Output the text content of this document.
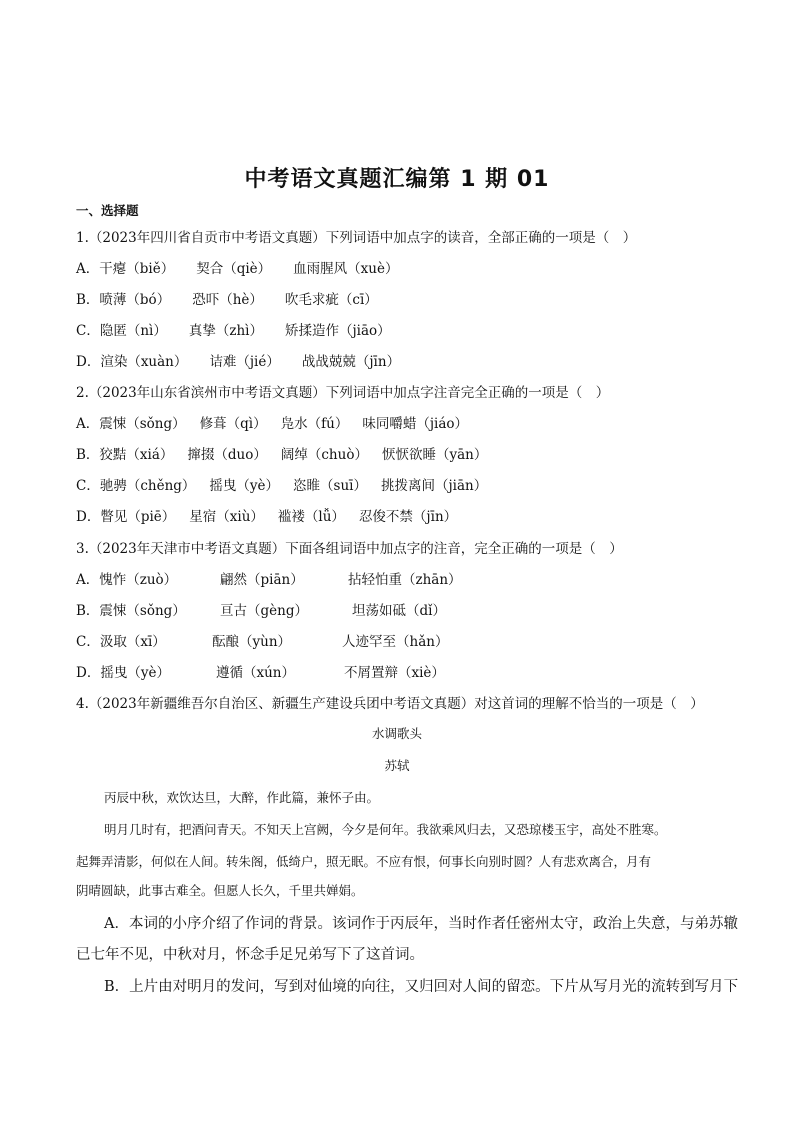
中考语文真题汇编第 1 期 01
一、选择题
1.（2023年四川省自贡市中考语文真题）下列词语中加点字的读音，全部正确的一项是（　）
A．干瘪（biě） 契合（qiè） 血雨腥风（xuè）
B．喷薄（bó） 恐吓（hè） 吹毛求疵（cī）
C．隐匿（nì） 真挚（zhì） 矫揉造作（jiāo）
D．渲染（xuàn） 诘难（jié） 战战兢兢（jīn）
2.（2023年山东省滨州市中考语文真题）下列词语中加点字注音完全正确的一项是（　）
A．震悚（sǒng） 修葺（qì） 凫水（fú） 味同嚼蜡（jiáo）
B．狡黠（xiá） 撺掇（duo） 阔绰（chuò） 恹恹欲睡（yān）
C．驰骋（chěng） 摇曳（yè） 恣睢（suī） 挑拨离间（jiān）
D．瞥见（piē） 星宿（xiù） 褴褛（lǚ） 忍俊不禁（jīn）
3.（2023年天津市中考语文真题）下面各组词语中加点字的注音，完全正确的一项是（　）
A．愧怍（zuò）	翩然（piān）	拈轻怕重（zhān）
B．震悚（sǒng）	亘古（gèng）	坦荡如砥（dǐ）
C．汲取（xī）	酝酿（yùn）	人迹罕至（hǎn）
D．摇曳（yè）	遵循（xún）	不屑置辩（xiè）
4.（2023年新疆维吾尔自治区、新疆生产建设兵团中考语文真题）对这首词的理解不恰当的一项是（　）
水调歌头
苏轼
丙辰中秋，欢饮达旦，大醉，作此篇，兼怀子由。
明月几时有，把酒问青天。不知天上宫阙，今夕是何年。我欲乘风归去，又恐琼楼玉宇，高处不胜寒。
起舞弄清影，何似在人间。转朱阁，低绮户，照无眠。不应有恨，何事长向别时圆？人有悲欢离合，月有
阴晴圆缺，此事古难全。但愿人长久，千里共婵娟。
A．本词的小序介绍了作词的背景。该词作于丙辰年，当时作者任密州太守，政治上失意，与弟苏辙
已七年不见，中秋对月，怀念手足兄弟写下了这首词。
B．上片由对明月的发问，写到对仙境的向往，又归回对人间的留恋。下片从写月光的流转到写月下
